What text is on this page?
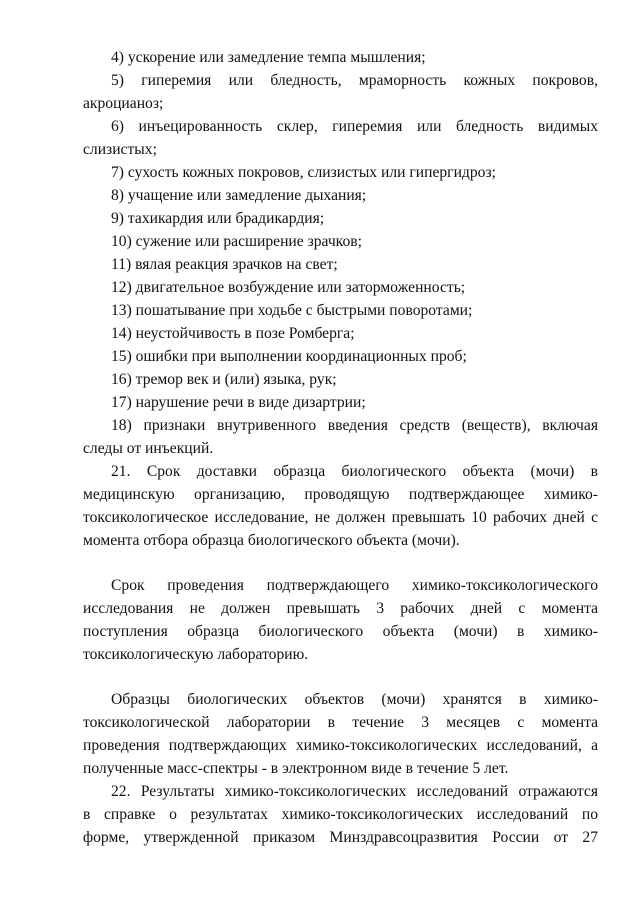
4) ускорение или замедление темпа мышления;
5) гиперемия или бледность, мраморность кожных покровов,
акроцианоз;
6) инъецированность склер, гиперемия или бледность видимых
слизистых;
7) сухость кожных покровов, слизистых или гипергидроз;
8) учащение или замедление дыхания;
9) тахикардия или брадикардия;
10) сужение или расширение зрачков;
11) вялая реакция зрачков на свет;
12) двигательное возбуждение или заторможенность;
13) пошатывание при ходьбе с быстрыми поворотами;
14) неустойчивость в позе Ромберга;
15) ошибки при выполнении координационных проб;
16) тремор век и (или) языка, рук;
17) нарушение речи в виде дизартрии;
18) признаки внутривенного введения средств (веществ), включая
следы от инъекций.
21. Срок доставки образца биологического объекта (мочи) в
медицинскую организацию, проводящую подтверждающее химико-
токсикологическое исследование, не должен превышать 10 рабочих дней с
момента отбора образца биологического объекта (мочи).
Срок проведения подтверждающего химико-токсикологического
исследования не должен превышать 3 рабочих дней с момента
поступления образца биологического объекта (мочи) в химико-
токсикологическую лабораторию.
Образцы биологических объектов (мочи) хранятся в химико-
токсикологической лаборатории в течение 3 месяцев с момента
проведения подтверждающих химико-токсикологических исследований, а
полученные масс-спектры - в электронном виде в течение 5 лет.
22. Результаты химико-токсикологических исследований отражаются
в справке о результатах химико-токсикологических исследований по
форме, утвержденной приказом Минздравсоцразвития России от 27
